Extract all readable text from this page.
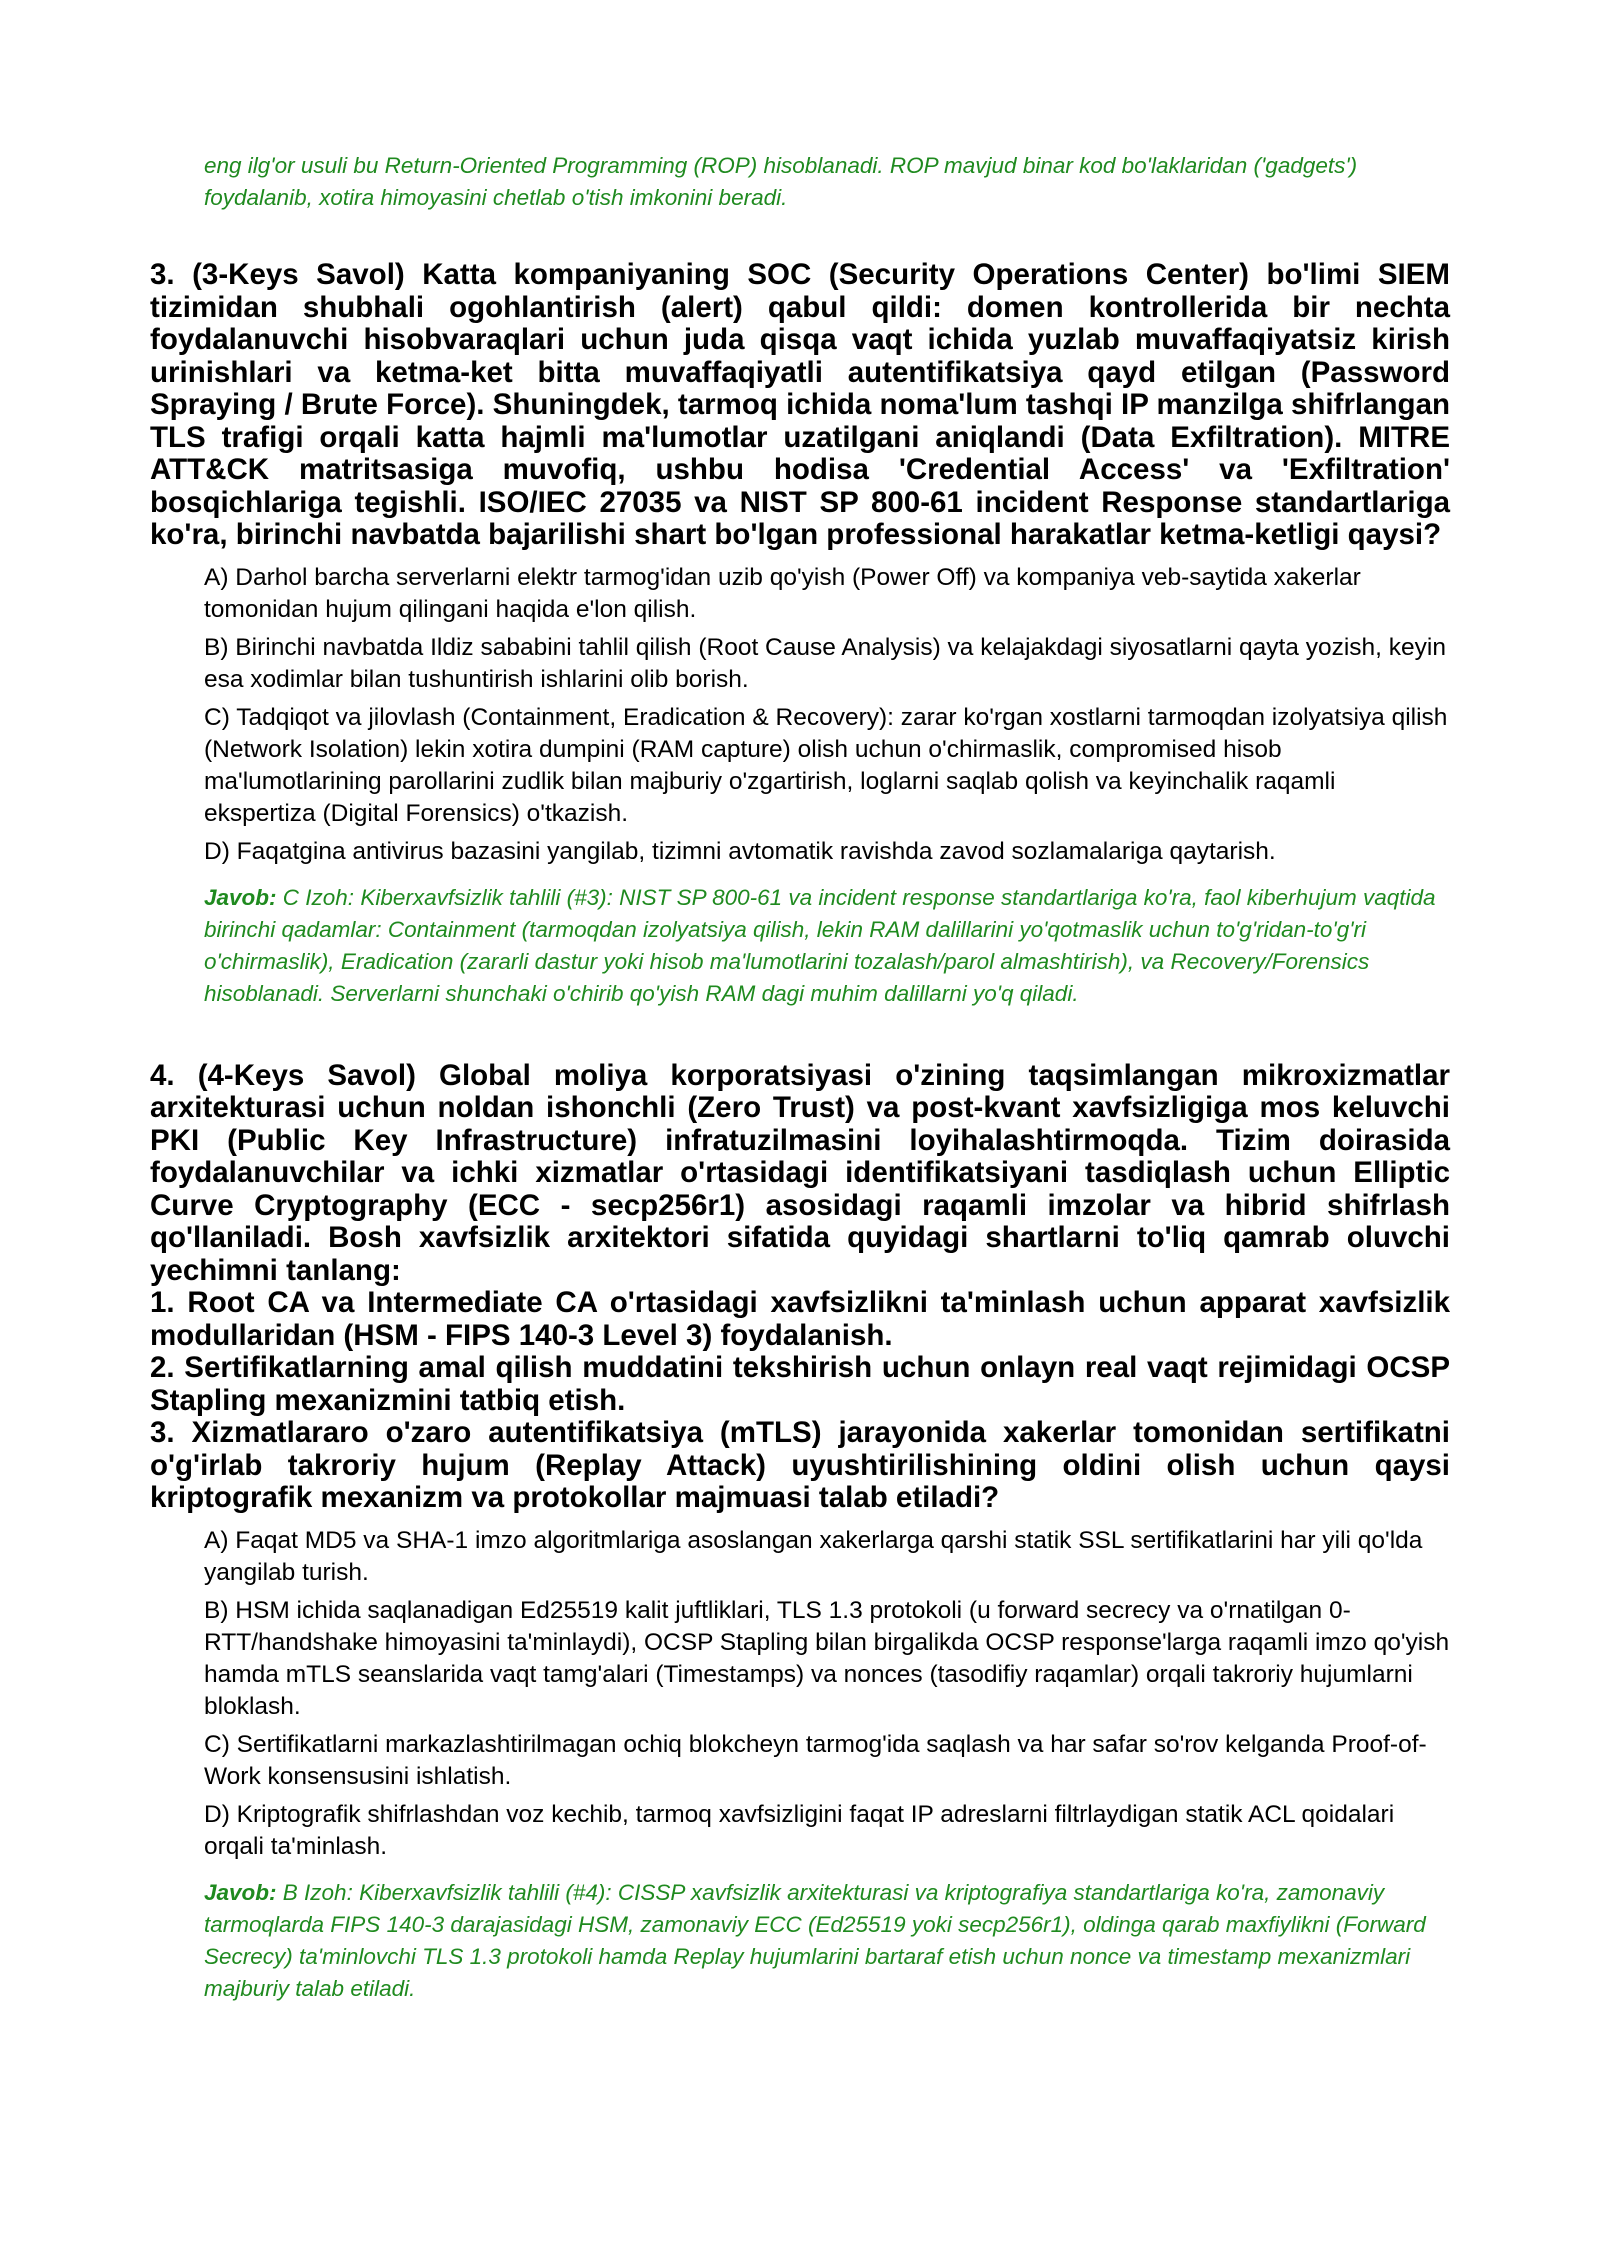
eng ilg'or usuli bu Return-Oriented Programming (ROP) hisoblanadi. ROP mavjud binar kod bo'laklaridan ('gadgets') foydalanib, xotira himoyasini chetlab o'tish imkonini beradi.

3. (3-Keys Savol) Katta kompaniyaning SOC (Security Operations Center) bo'limi SIEM tizimidan shubhali ogohlantirish (alert) qabul qildi: domen kontrollerida bir nechta foydalanuvchi hisobvaraqlari uchun juda qisqa vaqt ichida yuzlab muvaffaqiyatsiz kirish urinishlari va ketma-ket bitta muvaffaqiyatli autentifikatsiya qayd etilgan (Password Spraying / Brute Force). Shuningdek, tarmoq ichida noma'lum tashqi IP manzilga shifrlangan TLS trafigi orqali katta hajmli ma'lumotlar uzatilgani aniqlandi (Data Exfiltration). MITRE ATT&CK matritsasiga muvofiq, ushbu hodisa 'Credential Access' va 'Exfiltration' bosqichlariga tegishli. ISO/IEC 27035 va NIST SP 800-61 incident Response standartlariga ko'ra, birinchi navbatda bajarilishi shart bo'lgan professional harakatlar ketma-ketligi qaysi?

A) Darhol barcha serverlarni elektr tarmog'idan uzib qo'yish (Power Off) va kompaniya veb-saytida xakerlar tomonidan hujum qilingani haqida e'lon qilish.

B) Birinchi navbatda Ildiz sababini tahlil qilish (Root Cause Analysis) va kelajakdagi siyosatlarni qayta yozish, keyin esa xodimlar bilan tushuntirish ishlarini olib borish.

C) Tadqiqot va jilovlash (Containment, Eradication & Recovery): zarar ko'rgan xostlarni tarmoqdan izolyatsiya qilish (Network Isolation) lekin xotira dumpini (RAM capture) olish uchun o'chirmaslik, compromised hisob ma'lumotlarining parollarini zudlik bilan majburiy o'zgartirish, loglarni saqlab qolish va keyinchalik raqamli ekspertiza (Digital Forensics) o'tkazish.

D) Faqatgina antivirus bazasini yangilab, tizimni avtomatik ravishda zavod sozlamalariga qaytarish.

Javob: C Izoh: Kiberxavfsizlik tahlili (#3): NIST SP 800-61 va incident response standartlariga ko'ra, faol kiberhujum vaqtida birinchi qadamlar: Containment (tarmoqdan izolyatsiya qilish, lekin RAM dalillarini yo'qotmaslik uchun to'g'ridan-to'g'ri o'chirmaslik), Eradication (zararli dastur yoki hisob ma'lumotlarini tozalash/parol almashtirish), va Recovery/Forensics hisoblanadi. Serverlarni shunchaki o'chirib qo'yish RAM dagi muhim dalillarni yo'q qiladi.

4. (4-Keys Savol) Global moliya korporatsiyasi o'zining taqsimlangan mikroxizmatlar arxitekturasi uchun noldan ishonchli (Zero Trust) va post-kvant xavfsizligiga mos keluvchi PKI (Public Key Infrastructure) infratuzilmasini loyihalashtirmoqda. Tizim doirasida foydalanuvchilar va ichki xizmatlar o'rtasidagi identifikatsiyani tasdiqlash uchun Elliptic Curve Cryptography (ECC - secp256r1) asosidagi raqamli imzolar va hibrid shifrlash qo'llaniladi. Bosh xavfsizlik arxitektori sifatida quyidagi shartlarni to'liq qamrab oluvchi yechimni tanlang:

1. Root CA va Intermediate CA o'rtasidagi xavfsizlikni ta'minlash uchun apparat xavfsizlik modullaridan (HSM - FIPS 140-3 Level 3) foydalanish.

2. Sertifikatlarning amal qilish muddatini tekshirish uchun onlayn real vaqt rejimidagi OCSP Stapling mexanizmini tatbiq etish.

3. Xizmatlararo o'zaro autentifikatsiya (mTLS) jarayonida xakerlar tomonidan sertifikatni o'g'irlab takroriy hujum (Replay Attack) uyushtirilishining oldini olish uchun qaysi kriptografik mexanizm va protokollar majmuasi talab etiladi?

A) Faqat MD5 va SHA-1 imzo algoritmlariga asoslangan xakerlarga qarshi statik SSL sertifikatlarini har yili qo'lda yangilab turish.

B) HSM ichida saqlanadigan Ed25519 kalit juftliklari, TLS 1.3 protokoli (u forward secrecy va o'rnatilgan 0-RTT/handshake himoyasini ta'minlaydi), OCSP Stapling bilan birgalikda OCSP response'larga raqamli imzo qo'yish hamda mTLS seanslarida vaqt tamg'alari (Timestamps) va nonces (tasodifiy raqamlar) orqali takroriy hujumlarni bloklash.

C) Sertifikatlarni markazlashtirilmagan ochiq blokcheyn tarmog'ida saqlash va har safar so'rov kelganda Proof-of-Work konsensusini ishlatish.

D) Kriptografik shifrlashdan voz kechib, tarmoq xavfsizligini faqat IP adreslarni filtrlaydigan statik ACL qoidalari orqali ta'minlash.

Javob: B Izoh: Kiberxavfsizlik tahlili (#4): CISSP xavfsizlik arxitekturasi va kriptografiya standartlariga ko'ra, zamonaviy tarmoqlarda FIPS 140-3 darajasidagi HSM, zamonaviy ECC (Ed25519 yoki secp256r1), oldinga qarab maxfiylikni (Forward Secrecy) ta'minlovchi TLS 1.3 protokoli hamda Replay hujumlarini bartaraf etish uchun nonce va timestamp mexanizmlari majburiy talab etiladi.
